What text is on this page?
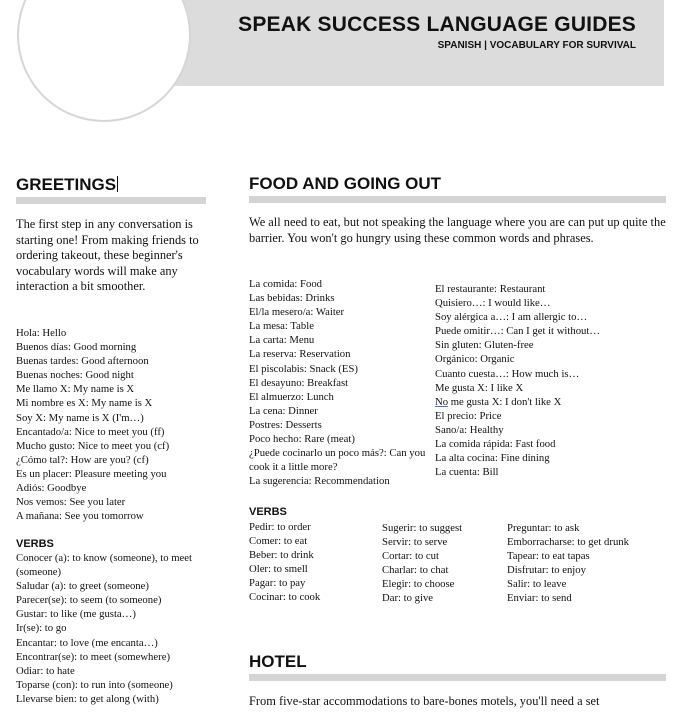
SPEAK SUCCESS LANGUAGE GUIDES
SPANISH | VOCABULARY FOR SURVIVAL
GREETINGS

The first step in any conversation is starting one! From making friends to ordering takeout, these beginner's vocabulary words will make any interaction a bit smoother.

Hola: Hello
Buenos días: Good morning
Buenas tardes: Good afternoon
Buenas noches: Good night
Me llamo X: My name is X
Mi nombre es X: My name is X
Soy X: My name is X (I'm…)
Encantado/a: Nice to meet you (ff)
Mucho gusto: Nice to meet you (cf)
¿Cómo tal?: How are you? (cf)
Es un placer: Pleasure meeting you
Adiós: Goodbye
Nos vemos: See you later
A mañana: See you tomorrow
VERBS
Conocer (a): to know (someone), to meet (someone)
Saludar (a): to greet (someone)
Parecer(se): to seem (to someone)
Gustar: to like (me gusta…)
Ir(se): to go
Encantar: to love (me encanta…)
Encontrar(se): to meet (somewhere)
Odiar: to hate
Toparse (con): to run into (someone)
Llevarse bien: to get along (with)
FOOD AND GOING OUT

We all need to eat, but not speaking the language where you are can put up quite the barrier. You won't go hungry using these common words and phrases.

La comida: Food
Las bebidas: Drinks
El/la mesero/a: Waiter
La mesa: Table
La carta: Menu
La reserva: Reservation
El piscolabis: Snack (ES)
El desayuno: Breakfast
El almuerzo: Lunch
La cena: Dinner
Postres: Desserts
Poco hecho: Rare (meat)
¿Puede cocinarlo un poco más?: Can you cook it a little more?
La sugerencia: Recommendation
El restaurante: Restaurant
Quisiero…: I would like…
Soy alérgica a…: I am allergic to…
Puede omitir…: Can I get it without…
Sin gluten: Gluten-free
Orgánico: Organic
Cuanto cuesta…: How much is…
Me gusta X: I like X
No me gusta X: I don't like X
El precio: Price
Sano/a: Healthy
La comida rápida: Fast food
La alta cocina: Fine dining
La cuenta: Bill
VERBS
Pedir: to order
Comer: to eat
Beber: to drink
Oler: to smell
Pagar: to pay
Cocinar: to cook
Sugerir: to suggest
Servir: to serve
Cortar: to cut
Charlar: to chat
Elegir: to choose
Dar: to give
Preguntar: to ask
Emborracharse: to get drunk
Tapear: to eat tapas
Disfrutar: to enjoy
Salir: to leave
Enviar: to send
HOTEL

From five-star accommodations to bare-bones motels, you'll need a set
